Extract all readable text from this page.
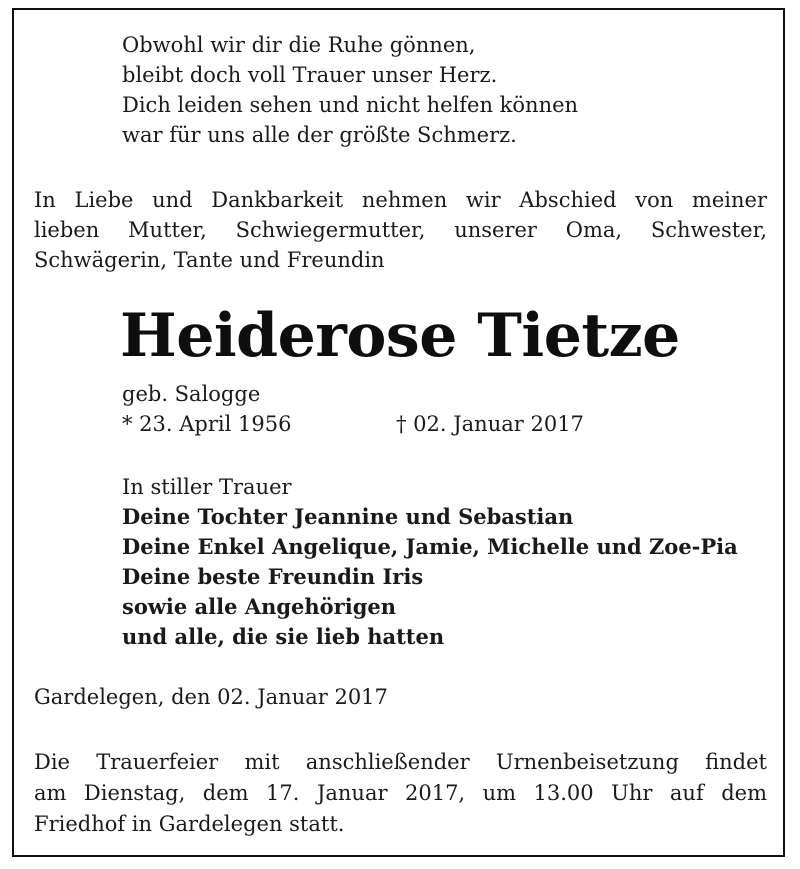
Obwohl wir dir die Ruhe gönnen,

bleibt doch voll Trauer unser Herz.

Dich leiden sehen und nicht helfen können

war für uns alle der größte Schmerz.

In Liebe und Dankbarkeit nehmen wir Abschied von meiner
lieben Mutter, Schwiegermutter, unserer Oma, Schwester,
Schwägerin, Tante und Freundin
Heiderose Tietze

geb. Salogge

* 23. April 1956	† 02. Januar 2017

In stiller Trauer

Deine Tochter Jeannine und Sebastian

Deine Enkel Angelique, Jamie, Michelle und Zoe-Pia

Deine beste Freundin Iris

sowie alle Angehörigen

und alle, die sie lieb hatten

Gardelegen, den 02. Januar 2017

Die Trauerfeier mit anschließender Urnenbeisetzung findet
am Dienstag, dem 17. Januar 2017, um 13.00 Uhr auf dem
Friedhof in Gardelegen statt.
